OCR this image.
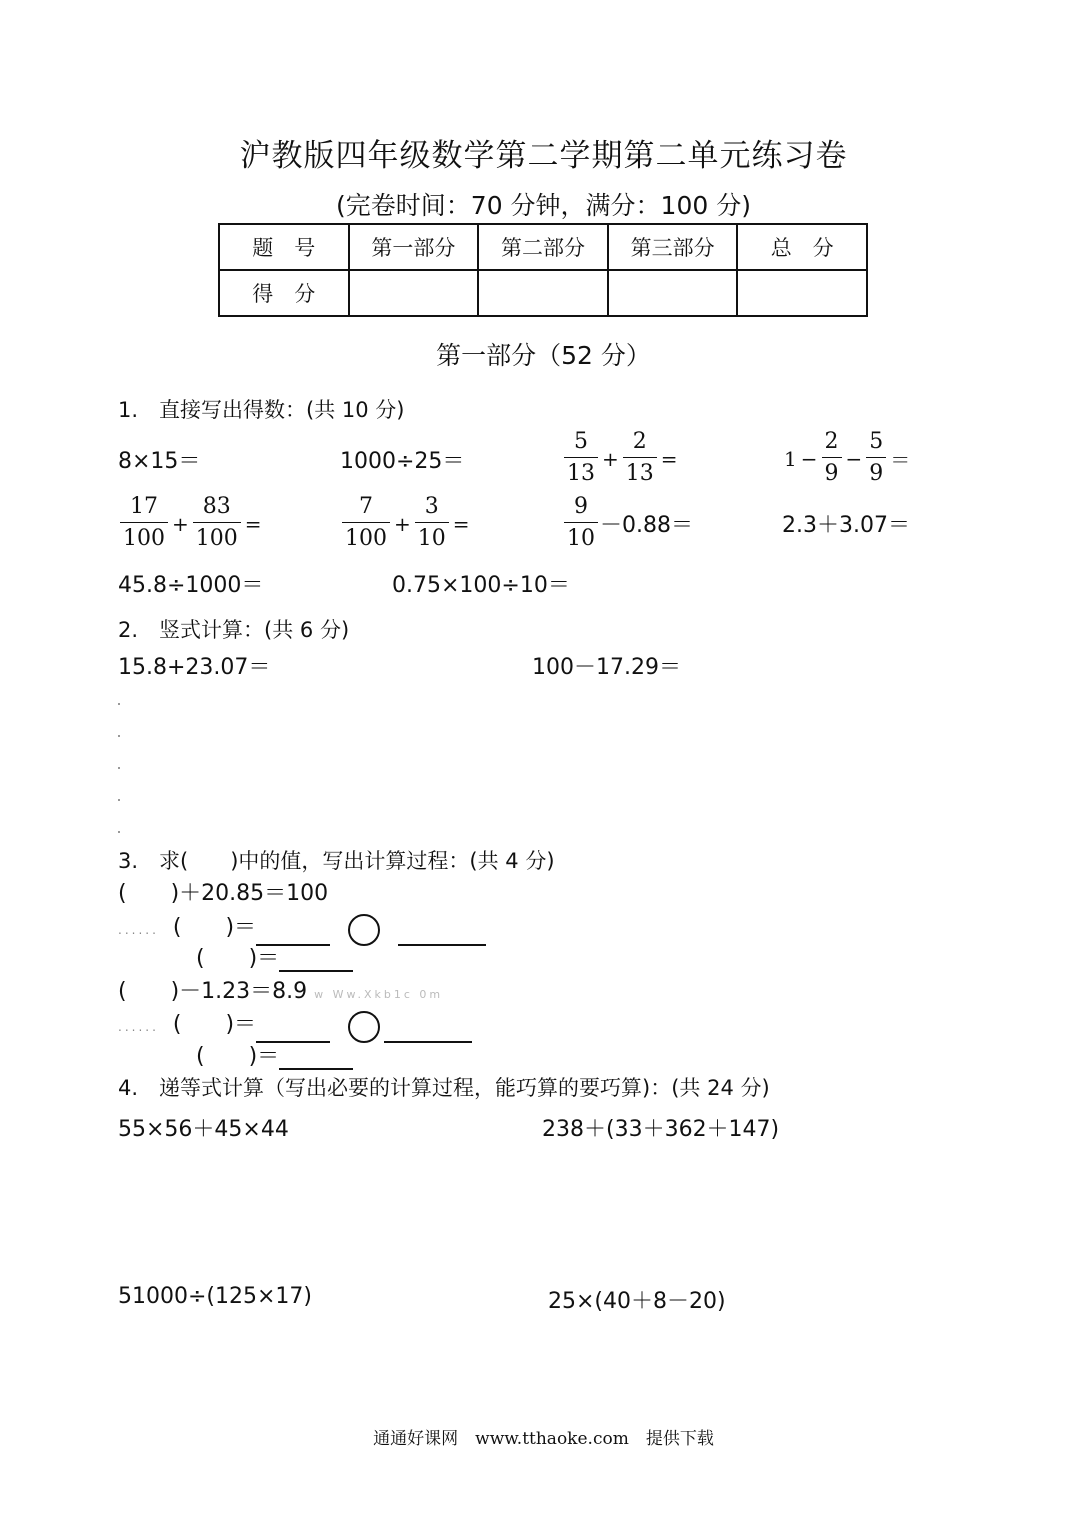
沪教版四年级数学第二学期第二单元练习卷
(完卷时间：70 分钟，满分：100 分)
题　号	第一部分	第二部分	第三部分	总　分
得　分				
第一部分（52 分）
1.　直接写出得数：(共 10 分)
8×15＝	1000÷25＝	$\frac{5}{13} + \frac{2}{13}$ =	$1 - \frac{2}{9} - \frac{5}{9}$ ＝
$\frac{17}{100} + \frac{83}{100}$ =	$\frac{7}{100} + \frac{3}{10}$ =	$\frac{9}{10} -0.88=$	2.3＋3.07＝
45.8÷1000＝	0.75×100÷10＝
2.　竖式计算：(共 6 分)
15.8+23.07＝	100－17.29＝
3.　求(　　)中的值，写出计算过程：(共 4 分)
(　　)＋20.85＝100
...... (　　)＝
(　　)＝
(　　)－1.23＝8.9 w Ww.Xkb1c 0m
...... (　　)＝
(　　)＝
4.　递等式计算（写出必要的计算过程，能巧算的要巧算)：(共 24 分)
55×56＋45×44	238＋(33＋362＋147)
51000÷(125×17)	25×(40＋8－20)
通通好课网　www.tthaoke.com　提供下载
